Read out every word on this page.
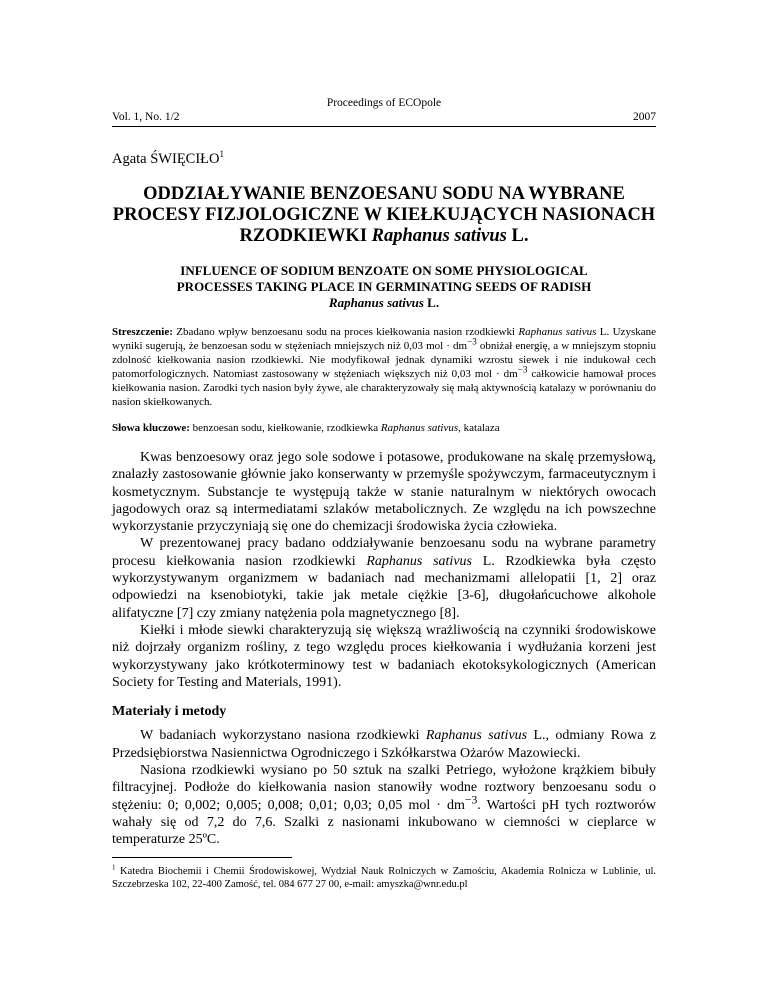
Proceedings of ECOpole
Vol. 1, No. 1/2	2007
Agata ŚWIĘCIŁO$^1$
ODDZIAŁYWANIE BENZOESANU SODU NA WYBRANE
PROCESY FIZJOLOGICZNE W KIEŁKUJĄCYCH NASIONACH
RZODKIEWKI Raphanus sativus L.
INFLUENCE OF SODIUM BENZOATE ON SOME PHYSIOLOGICAL
PROCESSES TAKING PLACE IN GERMINATING SEEDS OF RADISH
Raphanus sativus L.
Streszczenie: Zbadano wpływ benzoesanu sodu na proces kiełkowania nasion rzodkiewki Raphanus sativus L. Uzyskane wyniki sugerują, że benzoesan sodu w stężeniach mniejszych niż 0,03 mol · $dm^{-3}$ obniżał energię, a w mniejszym stopniu zdolność kiełkowania nasion rzodkiewki. Nie modyfikował jednak dynamiki wzrostu siewek i nie indukował cech patomorfologicznych. Natomiast zastosowany w stężeniach większych niż 0,03 mol · $dm^{-3}$ całkowicie hamował proces kiełkowania nasion. Zarodki tych nasion były żywe, ale charakteryzowały się małą aktywnością katalazy w porównaniu do nasion skiełkowanych.
Słowa kluczowe: benzoesan sodu, kiełkowanie, rzodkiewka Raphanus sativus, katalaza

Kwas benzoesowy oraz jego sole sodowe i potasowe, produkowane na skalę przemysłową, znalazły zastosowanie głównie jako konserwanty w przemyśle spożywczym, farmaceutycznym i kosmetycznym. Substancje te występują także w stanie naturalnym w niektórych owocach jagodowych oraz są intermediatami szlaków metabolicznych. Ze względu na ich powszechne wykorzystanie przyczyniają się one do chemizacji środowiska życia człowieka.

W prezentowanej pracy badano oddziaływanie benzoesanu sodu na wybrane parametry procesu kiełkowania nasion rzodkiewki Raphanus sativus L. Rzodkiewka była często wykorzystywanym organizmem w badaniach nad mechanizmami allelopatii [1, 2] oraz odpowiedzi na ksenobiotyki, takie jak metale ciężkie [3-6], długołańcuchowe alkohole alifatyczne [7] czy zmiany natężenia pola magnetycznego [8].

Kiełki i młode siewki charakteryzują się większą wrażliwością na czynniki środowiskowe niż dojrzały organizm rośliny, z tego względu proces kiełkowania i wydłużania korzeni jest wykorzystywany jako krótkoterminowy test w badaniach ekotoksykologicznych (American Society for Testing and Materials, 1991).

Materiały i metody

W badaniach wykorzystano nasiona rzodkiewki Raphanus sativus L., odmiany Rowa z Przedsiębiorstwa Nasiennictwa Ogrodniczego i Szkółkarstwa Ożarów Mazowiecki.

Nasiona rzodkiewki wysiano po 50 sztuk na szalki Petriego, wyłożone krążkiem bibuły filtracyjnej. Podłoże do kiełkowania nasion stanowiły wodne roztwory benzoesanu sodu o stężeniu: 0; 0,002; 0,005; 0,008; 0,01; 0,03; 0,05 mol · $dm^{-3}$. Wartości pH tych roztworów wahały się od 7,2 do 7,6. Szalki z nasionami inkubowano w ciemności w cieplarce w temperaturze 25ºC.

$^1$ Katedra Biochemii i Chemii Środowiskowej, Wydział Nauk Rolniczych w Zamościu, Akademia Rolnicza w Lublinie, ul. Szczebrzeska 102, 22-400 Zamość, tel. 084 677 27 00, e-mail: amyszka@wnr.edu.pl
